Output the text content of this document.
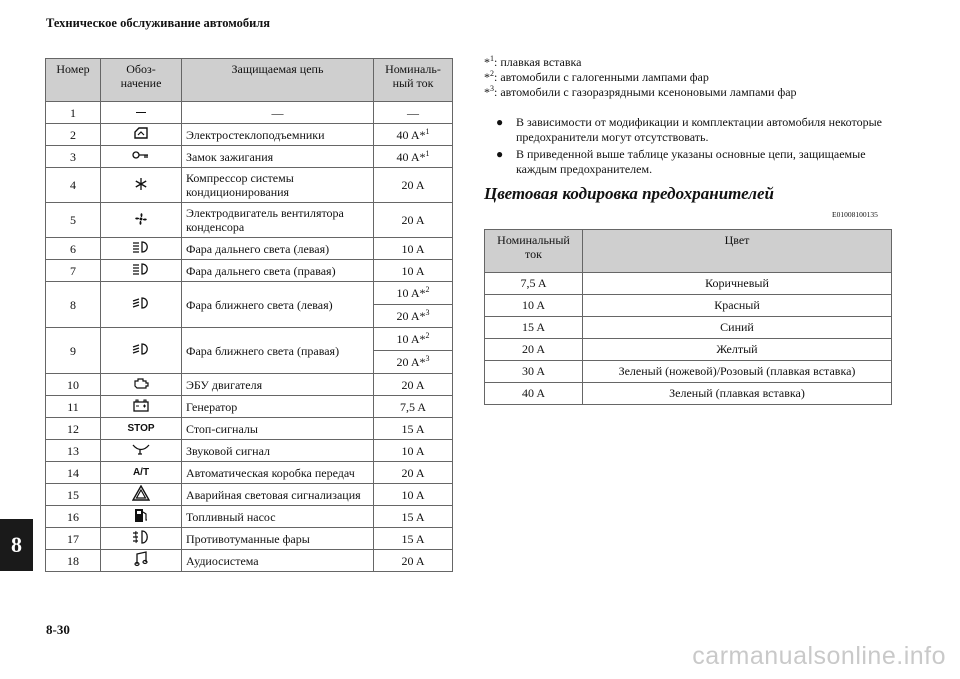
Техническое обслуживание автомобиля
Номер	Обоз-
начение	Защищаемая цепь	Номиналь-
ный ток
1	—	—	—
2		Электростеклоподъемники	40 A*$^1$
3		Замок зажигания	40 A*$^1$
4		Компрессор системы
кондиционирования	20 A
5		Электродвигатель вентилятора
конденсора	20 A
6		Фара дальнего света (левая)	10 A
7		Фара дальнего света (правая)	10 A
8		Фара ближнего света (левая)	10 A*$^2$
			20 A*$^3$
9		Фара ближнего света (правая)	10 A*$^2$
			20 A*$^3$
10		ЭБУ двигателя	20 A
11		Генератор	7,5 A
12	STOP	Стоп-сигналы	15 A
13		Звуковой сигнал	10 A
14	A/T	Автоматическая коробка передач	20 A
15		Аварийная световая сигнализация	10 A
16		Топливный насос	15 A
17		Противотуманные фары	15 A
18		Аудиосистема	20 A
*$^1$: плавкая вставка
*$^2$: автомобили с галогенными лампами фар
*$^3$: автомобили с газоразрядными ксеноновыми лампами фар
● В зависимости от модификации и комплектации автомобиля некоторые предохранители могут отсутствовать.
● В приведенной выше таблице указаны основные цепи, защищаемые каждым предохранителем.
Цветовая кодировка предохранителей
E01008100135
Номинальный
ток	Цвет
7,5 A	Коричневый
10 A	Красный
15 A	Синий
20 A	Желтый
30 A	Зеленый (ножевой)/Розовый (плавкая вставка)
40 A	Зеленый (плавкая вставка)
8
8-30
carmanualsonline.info
